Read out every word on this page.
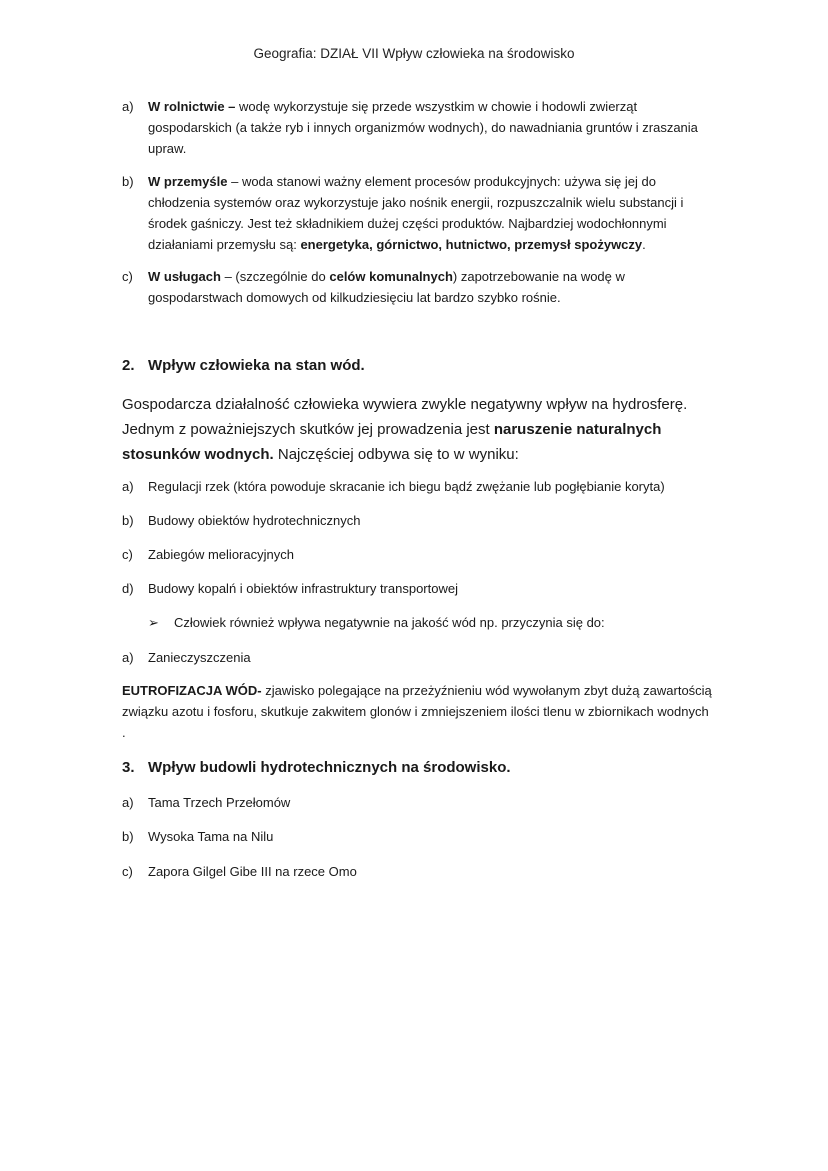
Geografia: DZIAŁ VII Wpływ człowieka na środowisko
a) W rolnictwie – wodę wykorzystuje się przede wszystkim w chowie i hodowli zwierząt gospodarskich (a także ryb i innych organizmów wodnych), do nawadniania gruntów i zraszania upraw.
b) W przemyśle – woda stanowi ważny element procesów produkcyjnych: używa się jej do chłodzenia systemów oraz wykorzystuje jako nośnik energii, rozpuszczalnik wielu substancji i środek gaśniczy. Jest też składnikiem dużej części produktów. Najbardziej wodochłonnymi działaniami przemysłu są: energetyka, górnictwo, hutnictwo, przemysł spożywczy.
c) W usługach – (szczególnie do celów komunalnych) zapotrzebowanie na wodę w gospodarstwach domowych od kilkudziesięciu lat bardzo szybko rośnie.
2. Wpływ człowieka na stan wód.
Gospodarcza działalność człowieka wywiera zwykle negatywny wpływ na hydrosferę. Jednym z poważniejszych skutków jej prowadzenia jest naruszenie naturalnych stosunków wodnych. Najczęściej odbywa się to w wyniku:
a) Regulacji rzek (która powoduje skracanie ich biegu bądź zwężanie lub pogłębianie koryta)
b) Budowy obiektów hydrotechnicznych
c) Zabiegów melioracyjnych
d) Budowy kopalń i obiektów infrastruktury transportowej
➢ Człowiek również wpływa negatywnie na jakość wód np. przyczynia się do:
a) Zanieczyszczenia
EUTROFIZACJA WÓD- zjawisko polegające na przeżyźnieniu wód wywołanym zbyt dużą zawartością związku azotu i fosforu, skutkuje zakwitem glonów i zmniejszeniem ilości tlenu w zbiornikach wodnych .
3. Wpływ budowli hydrotechnicznych na środowisko.
a) Tama Trzech Przełomów
b) Wysoka Tama na Nilu
c) Zapora Gilgel Gibe III na rzece Omo
